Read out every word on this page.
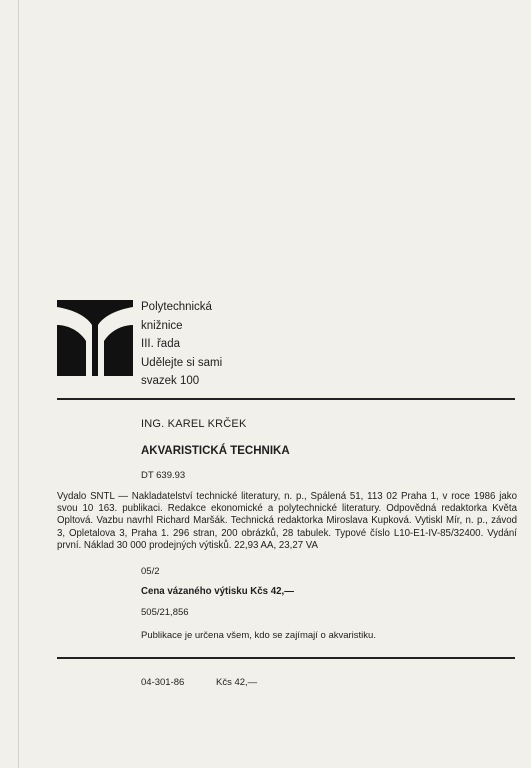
Polytechnická
knižnice
III. řada
Udělejte si sami
svazek 100
ING. KAREL KRČEK
AKVARISTICKÁ TECHNIKA
DT 639.93
Vydalo SNTL — Nakladatelství technické literatury, n. p., Spálená 51, 113 02 Praha 1, v roce 1986 jako svou 10 163. publikaci. Redakce ekonomické a polytechnické literatury. Odpovědná redaktorka Květa Opltová. Vazbu navrhl Richard Maršák. Technická redaktorka Miroslava Kupková. Vytiskl Mír, n. p., závod 3, Opletalova 3, Praha 1. 296 stran, 200 obrázků, 28 tabulek. Typové číslo L10-E1-IV-85/32400. Vydání první. Náklad 30 000 prodejných výtisků. 22,93 AA, 23,27 VA
05/2
Cena vázaného výtisku Kčs 42,—
505/21,856
Publikace je určena všem, kdo se zajímají o akvaristiku.
04-301-86	Kčs 42,—
